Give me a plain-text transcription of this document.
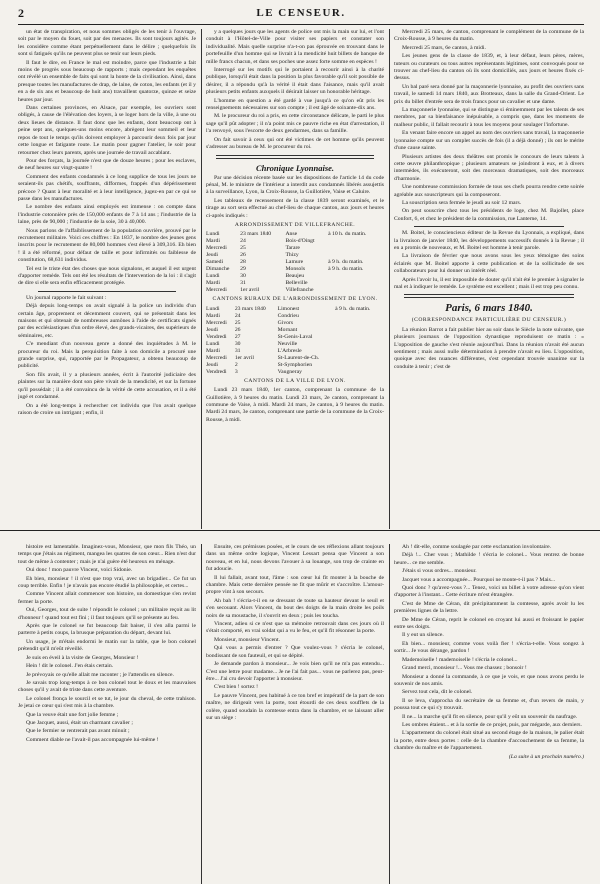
2	LE CENSEUR.

un état de transpiration, et nous sommes obligés de les tenir à l'ouvrage, soit par le moyen du fouet, soit par des menaces. Ils sont toujours agités. Je les considère comme étant perpétuellement dans le délire ; quelquefois ils sont si fatigués qu'ils ne peuvent plus se tenir sur leurs pieds.

Il faut le dire, en France le mal est moindre, parce que l'industrie a fait moins de progrès sous beaucoup de rapports ; mais cependant les enquêtes ont révélé un ensemble de faits qui sont la honte de la civilisation. Ainsi, dans presque toutes les manufactures de drap, de laine, de coton, les enfants (et il y en a de six ans et beaucoup de huit ans) travaillent quatorze, quinze et seize heures par jour.

Dans certaines provinces, en Alsace, par exemple, les ouvriers sont obligés, à cause de l'élévation des loyers, à se loger hors de la ville, à une ou deux lieues de distance. Il faut donc que les enfants, dont beaucoup ont à peine sept ans, quelques-uns moins encore, abrègent leur sommeil et leur repos de tout le temps qu'ils doivent employer à parcourir deux fois par jour cette longue et fatigante route. Le matin pour gagner l'atelier, le soir pour retourner chez leurs parents, après une journée de travail accablant.

Pour des forçats, la journée n'est que de douze heures ; pour les esclaves, de neuf heures sur vingt-quatre !

Comment des enfants condamnés à ce long supplice de tous les jours ne seraient-ils pas chétifs, souffrants, difformes, frappés d'un dépérissement précoce ? Quant à leur moralité et à leur intelligence, jugez-en par ce qui se passe dans les manufactures.

Le nombre des enfants ainsi employés est immense : on compte dans l'industrie cotonnière près de 150,000 enfants de 7 à 14 ans ; l'industrie de la laine, près de 90,000 ; l'industrie de la soie, 30 à 40,000.

Nous parlons de l'affaiblissement de la population ouvrière, prouvé par le recrutement militaire. Voici ces chiffres : En 1837, le nombre des jeunes gens inscrits pour le recrutement de 80,000 hommes s'est élevé à 309,316. Eh bien ! il a été réformé, pour défaut de taille et pour infirmités ou faiblesse de constitution, 68,631 individus.

Tel est le triste état des choses que nous signalons, et auquel il est urgent d'apporter remède. Tels ont été les résultats de l'intervention de la loi : il s'agit de dire si elle sera enfin efficacement protégée.

Un journal rapporte le fait suivant :

Déjà depuis long-temps on avait signalé à la police un individu d'un certain âge, proprement et décemment couvert, qui se présentait dans les maisons et qui obtenait de nombreuses aumônes à l'aide de certificats signés par des ecclésiastiques d'un ordre élevé, des grands-vicaires, des supérieurs de séminaires, etc.

C'e mendiant d'un nouveau genre a donné des inquiétudes à M. le procureur du roi. Mais la perquisition faite à son domicile a procuré une grande surprise, qui, rapportée par le Propagateur, a obtenu beaucoup de publicité.

Son fils avait, il y a plusieurs années, écrit à l'autorité judiciaire des plaintes sur la manière dont son père vivait de la mendicité, et sur la fortune qu'il possédait ; il a été convaincu de la vérité de cette accusation, et il a été jugé et condamné.

On a été long-temps à rechercher cet individu que l'on avait quelque raison de croire un intrigant ; enfin, il

y a quelques jours que les agents de police ont mis la main sur lui, et l'ont conduit à l'Hôtel-de-Ville pour visiter ses papiers et constater son individualité. Mais quelle surprise n'a-t-on pas éprouvée en trouvant dans le portefeuille d'un homme qui se livrait à la mendicité huit billets de banque de mille francs chacun, et dans ses poches une assez forte somme en espèces !

Interrogé sur les motifs qui le portaient à recourir ainsi à la charité publique, lorsqu'il était dans la position la plus favorable qu'il soit possible de désirer, il a répondu qu'à la vérité il était dans l'aisance, mais qu'il avait plusieurs petits enfants auxquels il désirait laisser un honorable héritage.

L'homme en question a été gardé à vue jusqu'à ce qu'on eût pris les renseignements nécessaires sur son compte ; il est âgé de soixante-dix ans.

M. le procureur du roi a pris, en cette circonstance délicate, le parti le plus sage qu'il pût adopter ; il n'a point mis ce pauvre riche en état d'arrestation, il l'a renvoyé, sous l'escorte de deux gendarmes, dans sa famille.

On fait savoir à ceux qui ont été victimes de cet homme qu'ils peuvent s'adresser au bureau de M. le procureur du roi.

Chronique Lyonnaise.

Par une décision récente basée sur les dispositions de l'article 14 du code pénal, M. le ministre de l'intérieur a interdit aux condamnés libérés assujettis à la surveillance, Lyon, la Croix-Rousse, la Guillotière, Vaise et Caluire.

Les tableaux de recensement de la classe 1839 seront examinés, et le tirage au sort sera effectué au chef-lieu de chaque canton, aux jours et heures ci-après indiqués :

ARRONDISSEMENT DE VILLEFRANCHE.
Lundi	23 mars 1840	Anse	à 10 h. du matin.
Mardi	24	Bois-d'Oingt	
Mercredi	25	Tarare	
Jeudi	26	Thizy	
Samedi	28	Lamure	à 9 h. du matin.
Dimanche	29	Monsols	à 9 h. du matin.
Lundi	30	Beaujeu	
Mardi	31	Belleville	
Mercredi	1er avril	Villefranche	
CANTONS RURAUX DE L'ARRONDISSEMENT DE LYON.
Lundi	23 mars 1840	Limonest	à 9 h. du matin.
Mardi	24	Condrieu	
Mercredi	25	Givors	
Jeudi	26	Mornant	
Vendredi	27	St-Genis-Laval	
Lundi	30	Neuville	
Mardi	31	L'Arbresle	
Mercredi	1er avril	St-Laurent-de-Ch.	
Jeudi	2	St-Symphorien	
Vendredi	3	Vaugneray	
CANTONS DE LA VILLE DE LYON.

Lundi 23 mars 1840, 1er canton, comprenant la commune de la Guillotière, à 9 heures du matin. Lundi 23 mars, 2e canton, comprenant la commune de Vaise, à midi. Mardi 24 mars, 2e canton, à 9 heures du matin. Mardi 24 mars, 3e canton, comprenant une partie de la commune de la Croix-Rousse, à midi.

Mercredi 25 mars, 4e canton, comprenant le complément de la commune de la Croix-Rousse, à 9 heures du matin.

Mercredi 25 mars, 6e canton, à midi.

Les jeunes gens de la classe de 1839, et, à leur défaut, leurs pères, mères, tuteurs ou curateurs ou tous autres représentants légitimes, sont convoqués pour se trouver au chef-lieu du canton où ils sont domiciliés, aux jours et heures fixés ci-dessus.

Un bal paré sera donné par la maçonnerie lyonnaise, au profit des ouvriers sans travail, le samedi 14 mars 1840, aux Brotteaux, dans la salle du Grand-Orient. Le prix du billet d'entrée sera de trois francs pour un cavalier et une dame.

La maçonnerie lyonnaise, qui se distingue si éminemment par les talents de ses membres, par sa bienfaisance inépuisable, a compris que, dans les moments de malheur public, il fallait recourir à tous les moyens pour soulager l'infortune.

En venant faire encore un appel au nom des ouvriers sans travail, la maçonnerie lyonnaise compte sur un complet succès de fois (il a déjà donné) ; ils ont le mérite d'une cause sainte.

Plusieurs artistes des deux théâtres ont promis le concours de leurs talents à cette œuvre philanthropique ; plusieurs amateurs se joindront à eux, et à divers intermèdes, ils exécuteront, soit des morceaux dramatiques, soit des morceaux d'harmonie.

Une nombreuse commission formée de tous ses chefs pourra rendre cette soirée agréable aux souscripteurs qui la composeront.

La souscription sera fermée le jeudi au soir 12 mars.

On peut souscrire chez tous les présidents de loge, chez M. Bajollet, place Confort, 6, et chez le président de la commission, rue Lanterne, 14.

M. Boitel, le consciencieux éditeur de la Revue du Lyonnais, a expliqué, dans la livraison de janvier 1840, les développements successifs donnés à la Revue ; il en a promis de nouveaux, et M. Boitel est homme à tenir parole.

La livraison de février que nous avons sous les yeux témoigne des soins éclairés que M. Boitel apporte à cette publication et de la sollicitude de ses collaborateurs pour lui donner un intérêt réel.

Après l'avoir lu, il est impossible de douter qu'il n'ait été le premier à signaler le mal et à indiquer le remède. Le système est excellent ; mais il est trop peu connu.

Paris, 6 mars 1840.
(CORRESPONDANCE PARTICULIÈRE DU CENSEUR.)

La réunion Barrot a fait publier hier au soir dans le Siècle la note suivante, que plusieurs journaux de l'opposition dynastique reproduisent ce matin : « L'opposition de gauche s'est réunie aujourd'hui. Dans la réunion n'avait été aucun sentiment ; mais aussi nulle détermination à prendre n'avait eu lieu. L'opposition, quoique avec des nuances différentes, s'est cependant trouvée unanime sur la conduite à tenir ; c'est de

histoire est lamentable. Imaginez-vous, Monsieur, que mon fils Théo, un temps que j'étais au régiment, mangea les quatres de son cœur... Rien n'est dur tout de même à contenter ; mais je n'ai guère été heureux en ménage.

Oui donc ! mon pauvre Vincent, voici Sidonie.

Eh bien, monsieur ! il n'est que trop vrai, avec un brigadier... Ce fut un coup terrible. Enfin ! je n'avais pas encore étudié la philosophie, et certes...

Comme Vincent allait commencer son histoire, un domestique s'en revint fermer la porte.

Oui, Georges, tout de suite ! répondit le colonel ; un militaire reçoit au lit d'honneur ! quand tout est fini ; il faut toujours qu'il se présente au feu.

Après que le colonel se fut beaucoup fait baiser, il s'en alla parmi le parterre à petits coups, la brusque préparation du départ, devant lui.

Un usage, je m'étais endormi le matin sur la table, que le bon colonel prétendit qu'il m'eût réveillé.

Je suis en éveil à la visite de Georges, Monsieur !

Hein ! dit le colonel. J'en étais certain.

Je prévoyais ce qu'elle allait me raconter ; je l'attendis en silence.

Je savais trop long-temps à ce bon colonel tout le doux et les mauvaises choses qu'il y avait de triste dans cette aventure.

Le colonel fronça le sourcil et se tut, le jour du cheval, de cette trahison. Je jetai ce cœur qui s'est mis à la chambre.

Que la veuve était une fort jolie femme ;

Que Jacquet, aussi, était un charmant cavalier ;

Que le fermier se rentrerait pas avant minuit ;

Comment diable ne l'avait-il pas accompagnée lui-même !

Ensuite, ces prémisses posées, et le cours de ses réflexions allant toujours dans un même ordre logique, Vincent Lessart pensa que Vincent a son nouveau, et en lui, nous devons l'avouer à sa louange, son trop de crainte en fut adoucie.

Il lui fallait, avant tout, l'âme : son cœur lui fit monter à la bouche de chambre. Mais cette dernière pensée ne fit que mûrir et s'accroître. L'amour-propre vint à son secours.

Ah bah ! s'écria-t-il en se dressant de toute sa hauteur devant le seuil et s'en secouant. Alors Vincent, du bout des doigts de la main droite les poils noirs de sa moustache, il s'ouvrit en deux ; puis les toucha.

Vincent, adieu si ce n'est que sa mémoire retrouvait dans ces jours où il s'était comporté, en vrai soldat qui a vu le feu, et qu'il fit résonner la porte.

Monsieur, monsieur Vincent.

Qui vous a permis d'entrer ? Que voulez-vous ? s'écria le colonel, bondissant de son fauteuil, et qui se dépité.

Je demande pardon à monsieur... Je vois bien qu'il ne m'a pas entendu... C'est une lettre pour madame... Je ne l'ai fait pas... vous ne parlerez pas, peut-être... J'ai cru devoir l'apporter à monsieur.

C'est bien ! sortez !

Le pauvre Vincent, peu habitué à ce ton bref et impératif de la part de son maître, ne dirigeait vers la porte, tout étourdi de ces deux soufflets de la colère, quand soudain la comtesse entra dans la chambre, et se laissant aller sur un siège :

Ah ! dit-elle, comme soulagée par cette exclamation involontaire.

Déjà !... Cher vous ; Mathilde ! s'écria le colonel... Vous rentrez de bonne heure... ce me semble.

J'étais si vous ordres... monsieur.

Jacquet vous a accompagnée... Pourquoi ne monte-t-il pas ? Mais...

Quoi donc ? qu'avez-vous ?... Tenez, voici un billet à votre adresse qu'on vient d'apporter à l'instant... Cette écriture m'est étrangère.

C'est de Mme de Céran, dit précipitamment la comtesse, après avoir lu les premières lignes de la lettre.

De Mme de Céran, reprit le colonel en croyant lui aussi et froissant le papier entre ses doigts.

Il y eut un silence.

Eh bien... monsieur, comme vous voilà fier ! s'écria-t-elle. Vous songez à sortir... Je vous dérange, pardon !

Mademoiselle ! mademoiselle ! s'écria le colonel...

Grand merci, monsieur !... Vous me chassez ; bonsoir !

Monsieur a donné la commande, à ce que je vois, et que nous avons perdu le souvenir de nos amis.

Servez tout cela, dit le colonel.

Il se leva, s'approcha du secrétaire de sa femme et, d'un revers de main, y poussa tout ce qui s'y trouvait.

Il ne... la marche qu'il fit en silence, pour qu'il y eût un souvenir du naufrage.

Les ombres étaient... et à la sortie de ce projet, puis, par mégarde, aux derniers.

L'appartement du colonel était situé au second étage de la maison, le palier était la porte, entre deux portes : celle de la chambre d'accouchement de sa femme, la chambre du maître et de l'appartement.

(La suite à un prochain numéro.)
